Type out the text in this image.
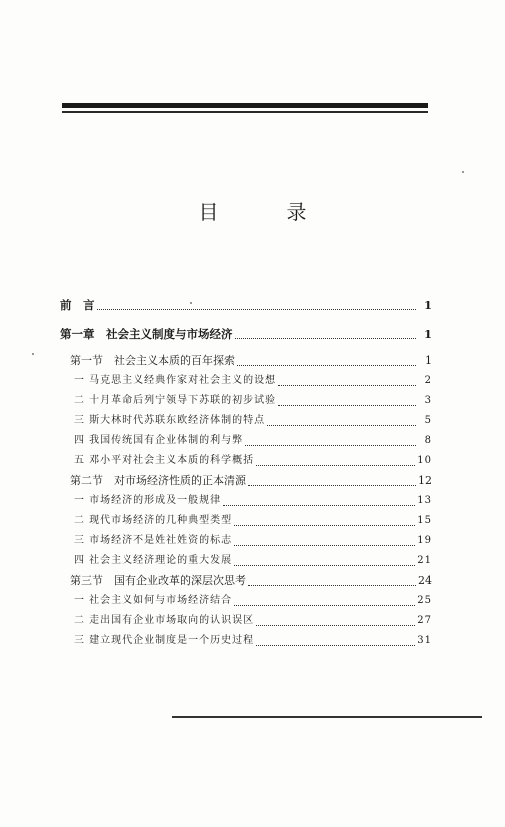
目　录
前　言	1
第一章　社会主义制度与市场经济	1
第一节　社会主义本质的百年探索	1
一 马克思主义经典作家对社会主义的设想	2
二 十月革命后列宁领导下苏联的初步试验	3
三 斯大林时代苏联东欧经济体制的特点	5
四 我国传统国有企业体制的利与弊	8
五 邓小平对社会主义本质的科学概括	10
第二节　对市场经济性质的正本清源	12
一 市场经济的形成及一般规律	13
二 现代市场经济的几种典型类型	15
三 市场经济不是姓社姓资的标志	19
四 社会主义经济理论的重大发展	21
第三节　国有企业改革的深层次思考	24
一 社会主义如何与市场经济结合	25
二 走出国有企业市场取向的认识误区	27
三 建立现代企业制度是一个历史过程	31
